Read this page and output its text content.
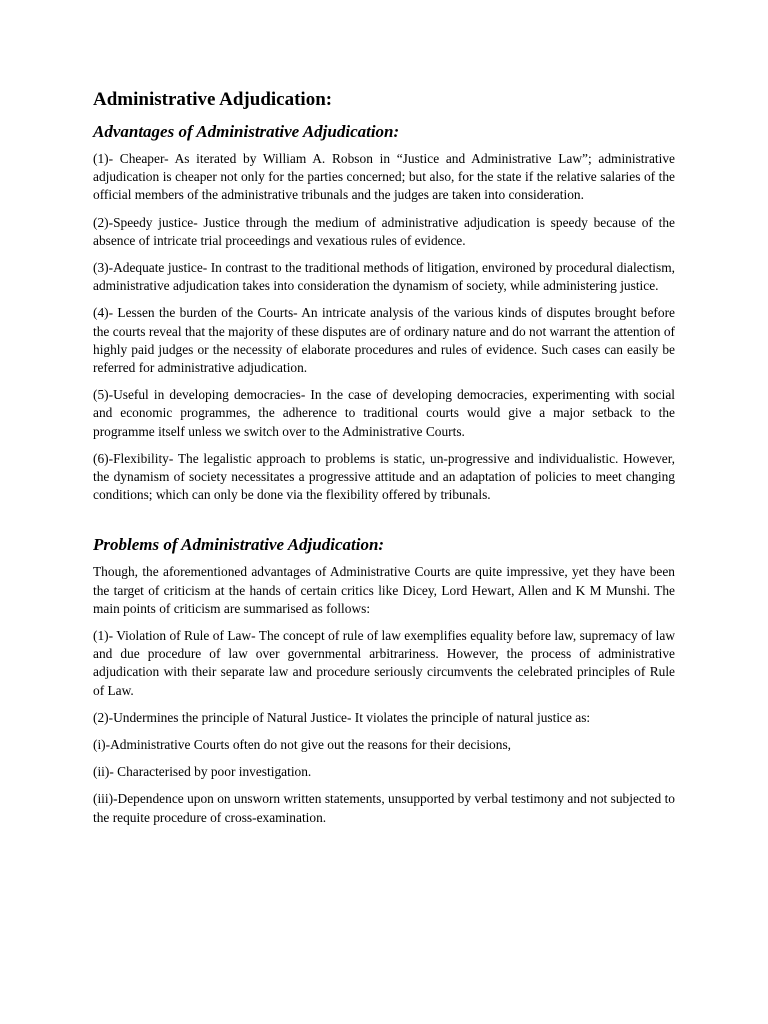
Administrative Adjudication:
Advantages of Administrative Adjudication:

(1)- Cheaper- As iterated by William A. Robson in “Justice and Administrative Law”; administrative adjudication is cheaper not only for the parties concerned; but also, for the state if the relative salaries of the official members of the administrative tribunals and the judges are taken into consideration.

(2)-Speedy justice- Justice through the medium of administrative adjudication is speedy because of the absence of intricate trial proceedings and vexatious rules of evidence.

(3)-Adequate justice- In contrast to the traditional methods of litigation, environed by procedural dialectism, administrative adjudication takes into consideration the dynamism of society, while administering justice.

(4)- Lessen the burden of the Courts- An intricate analysis of the various kinds of disputes brought before the courts reveal that the majority of these disputes are of ordinary nature and do not warrant the attention of highly paid judges or the necessity of elaborate procedures and rules of evidence. Such cases can easily be referred for administrative adjudication.

(5)-Useful in developing democracies- In the case of developing democracies, experimenting with social and economic programmes, the adherence to traditional courts would give a major setback to the programme itself unless we switch over to the Administrative Courts.

(6)-Flexibility- The legalistic approach to problems is static, un-progressive and individualistic. However, the dynamism of society necessitates a progressive attitude and an adaptation of policies to meet changing conditions; which can only be done via the flexibility offered by tribunals.

Problems of Administrative Adjudication:

Though, the aforementioned advantages of Administrative Courts are quite impressive, yet they have been the target of criticism at the hands of certain critics like Dicey, Lord Hewart, Allen and K M Munshi. The main points of criticism are summarised as follows:

(1)- Violation of Rule of Law- The concept of rule of law exemplifies equality before law, supremacy of law and due procedure of law over governmental arbitrariness. However, the process of administrative adjudication with their separate law and procedure seriously circumvents the celebrated principles of Rule of Law.

(2)-Undermines the principle of Natural Justice- It violates the principle of natural justice as:

(i)-Administrative Courts often do not give out the reasons for their decisions,

(ii)- Characterised by poor investigation.

(iii)-Dependence upon on unsworn written statements, unsupported by verbal testimony and not subjected to the requite procedure of cross-examination.
